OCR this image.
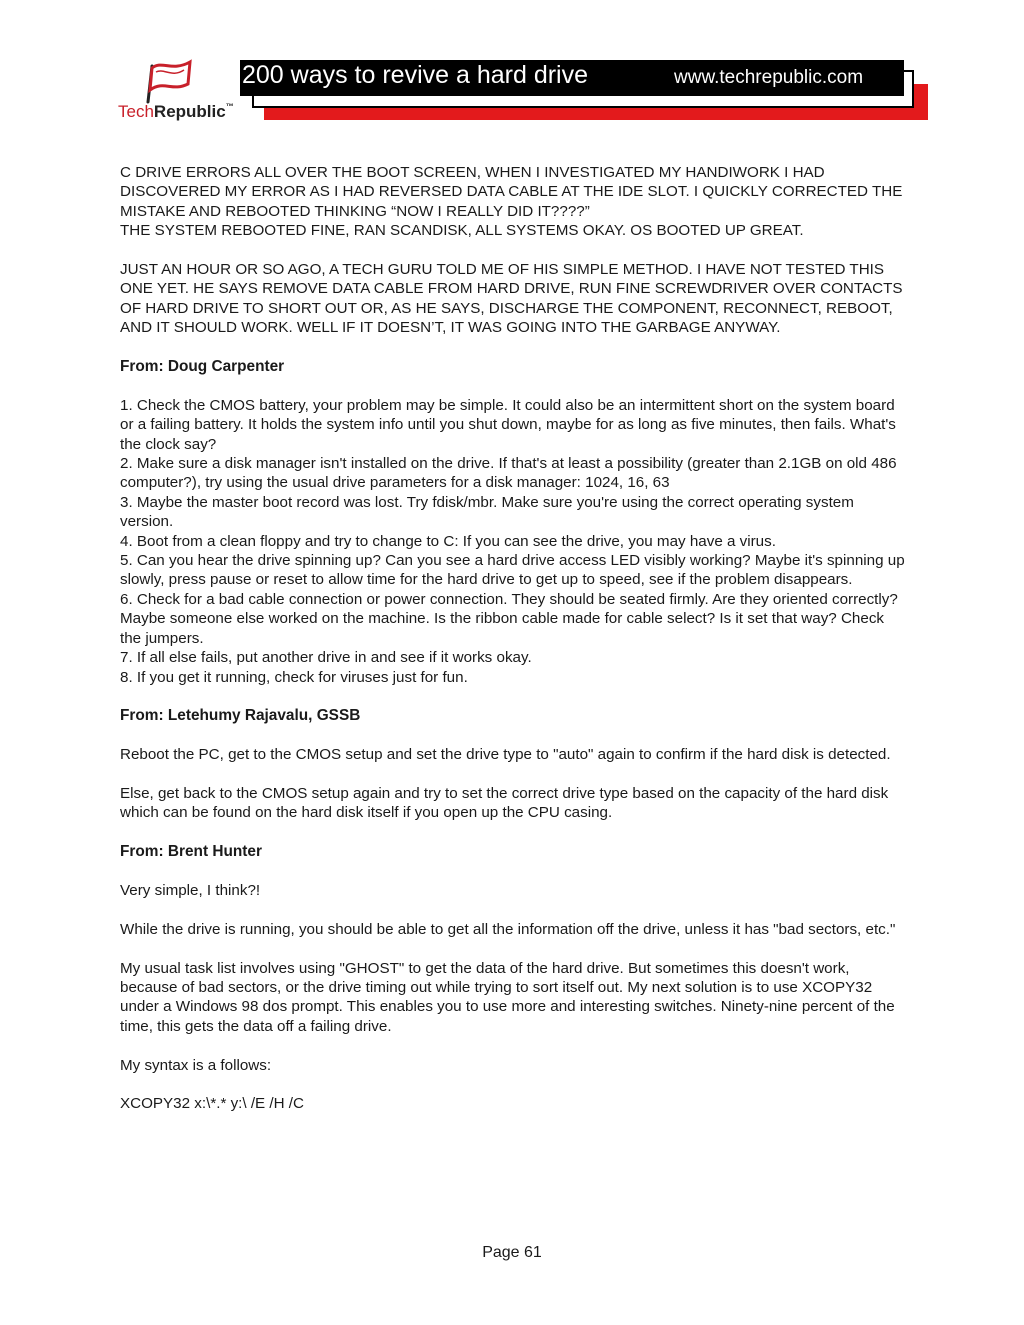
TechRepublic™
200 ways to revive a hard drive	www.techrepublic.com

C DRIVE ERRORS ALL OVER THE BOOT SCREEN, WHEN I INVESTIGATED MY HANDIWORK I HAD DISCOVERED MY ERROR AS I HAD REVERSED DATA CABLE AT THE IDE SLOT. I QUICKLY CORRECTED THE MISTAKE AND REBOOTED THINKING “NOW I REALLY DID IT????”
THE SYSTEM REBOOTED FINE, RAN SCANDISK, ALL SYSTEMS OKAY. OS BOOTED UP GREAT.

JUST AN HOUR OR SO AGO, A TECH GURU TOLD ME OF HIS SIMPLE METHOD. I HAVE NOT TESTED THIS ONE YET. HE SAYS REMOVE DATA CABLE FROM HARD DRIVE, RUN FINE SCREWDRIVER OVER CONTACTS OF HARD DRIVE TO SHORT OUT OR, AS HE SAYS, DISCHARGE THE COMPONENT, RECONNECT, REBOOT, AND IT SHOULD WORK. WELL IF IT DOESN’T, IT WAS GOING INTO THE GARBAGE ANYWAY.

From: Doug Carpenter

1. Check the CMOS battery, your problem may be simple. It could also be an intermittent short on the system board or a failing battery. It holds the system info until you shut down, maybe for as long as five minutes, then fails. What's the clock say?
2. Make sure a disk manager isn't installed on the drive. If that's at least a possibility (greater than 2.1GB on old 486 computer?), try using the usual drive parameters for a disk manager: 1024, 16, 63
3. Maybe the master boot record was lost. Try fdisk/mbr. Make sure you're using the correct operating system version.
4. Boot from a clean floppy and try to change to C: If you can see the drive, you may have a virus.
5. Can you hear the drive spinning up? Can you see a hard drive access LED visibly working? Maybe it's spinning up slowly, press pause or reset to allow time for the hard drive to get up to speed, see if the problem disappears.
6. Check for a bad cable connection or power connection. They should be seated firmly. Are they oriented correctly? Maybe someone else worked on the machine. Is the ribbon cable made for cable select? Is it set that way? Check the jumpers.
7. If all else fails, put another drive in and see if it works okay.
8. If you get it running, check for viruses just for fun.

From: Letehumy Rajavalu, GSSB

Reboot the PC, get to the CMOS setup and set the drive type to "auto" again to confirm if the hard disk is detected.

Else, get back to the CMOS setup again and try to set the correct drive type based on the capacity of the hard disk which can be found on the hard disk itself if you open up the CPU casing.

From: Brent Hunter

Very simple, I think?!

While the drive is running, you should be able to get all the information off the drive, unless it has "bad sectors, etc."

My usual task list involves using "GHOST" to get the data of the hard drive. But sometimes this doesn't work, because of bad sectors, or the drive timing out while trying to sort itself out. My next solution is to use XCOPY32 under a Windows 98 dos prompt. This enables you to use more and interesting switches. Ninety-nine percent of the time, this gets the data off a failing drive.

My syntax is a follows:

XCOPY32 x:\*.* y:\ /E /H /C

Page 61
